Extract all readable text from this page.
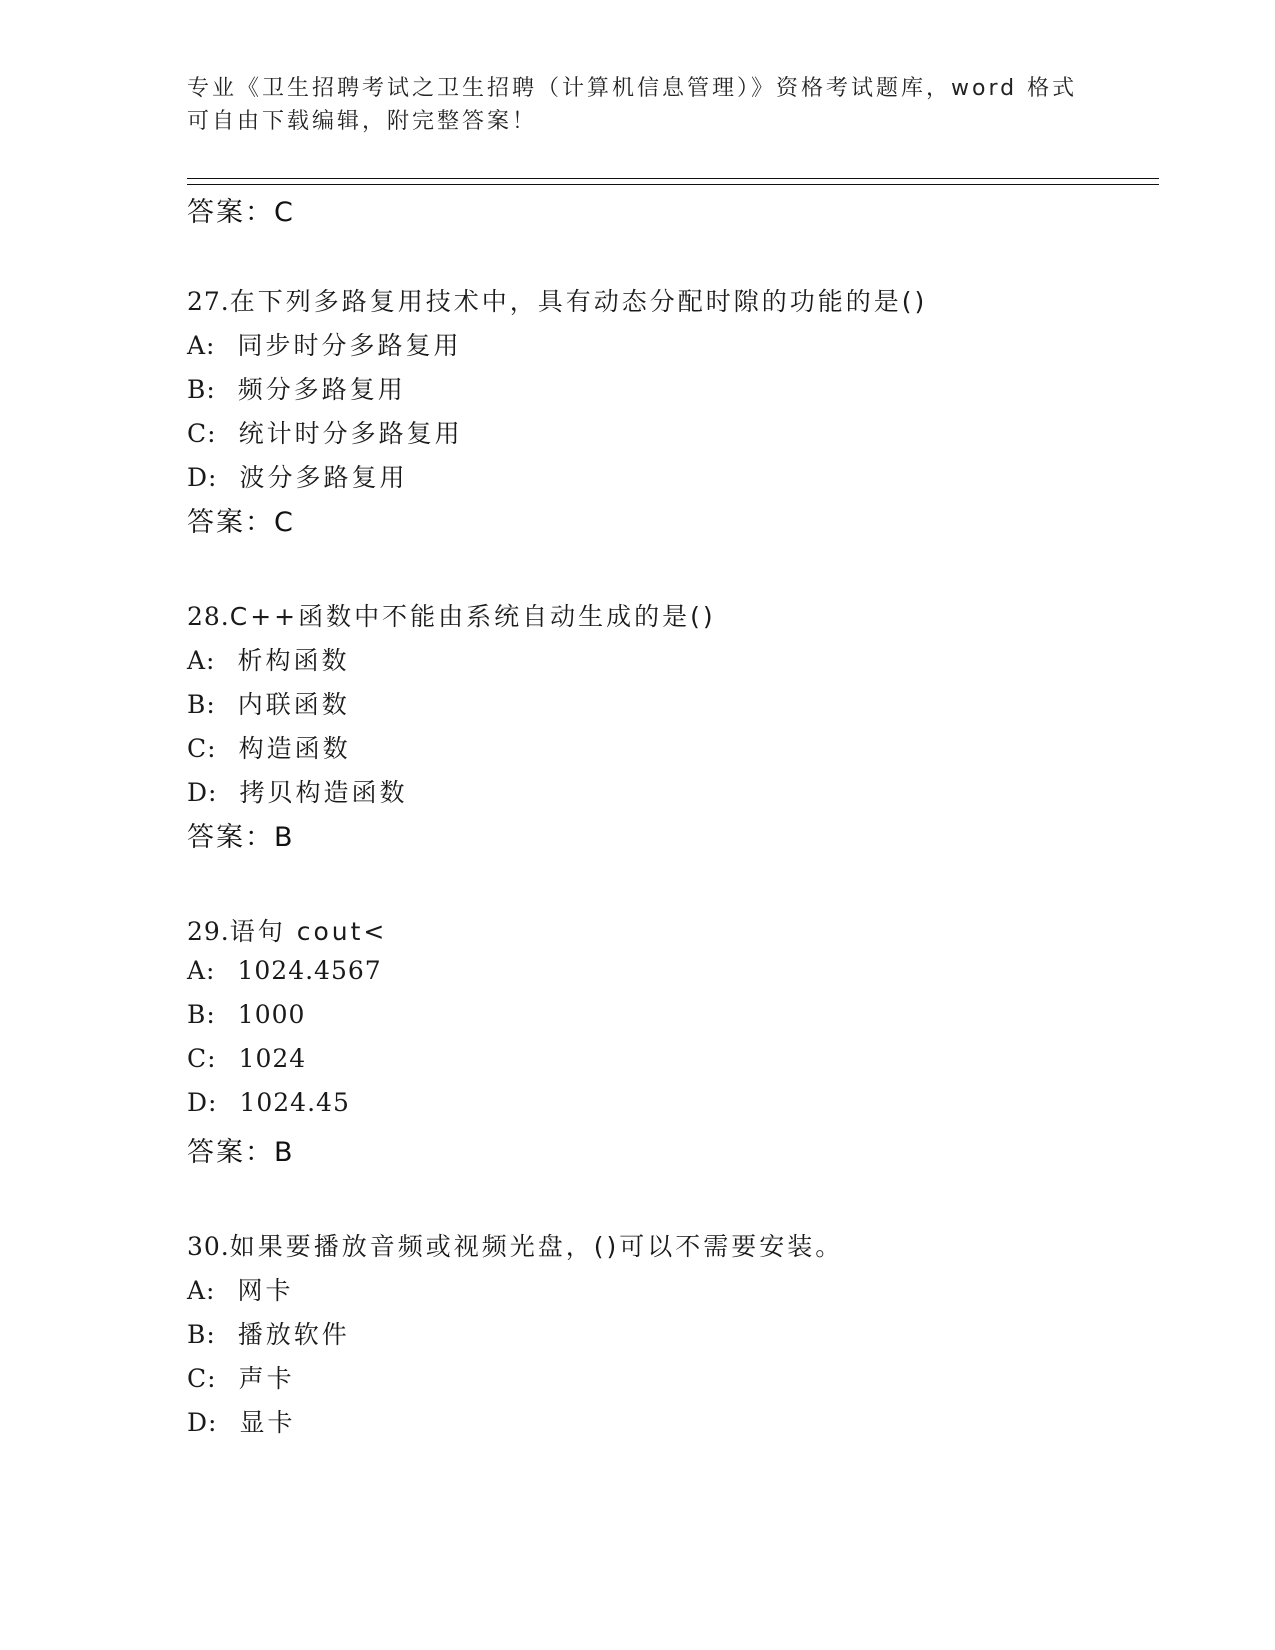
专业《卫生招聘考试之卫生招聘（计算机信息管理）》资格考试题库，word 格式
可自由下载编辑，附完整答案！
答案：C
27.在下列多路复用技术中，具有动态分配时隙的功能的是()
A: 同步时分多路复用
B: 频分多路复用
C: 统计时分多路复用
D: 波分多路复用
答案：C
28.C++函数中不能由系统自动生成的是()
A: 析构函数
B: 内联函数
C: 构造函数
D: 拷贝构造函数
答案：B
29.语句 cout<
A: 1024.4567
B: 1000
C: 1024
D: 1024.45
答案：B
30.如果要播放音频或视频光盘，()可以不需要安装。
A: 网卡
B: 播放软件
C: 声卡
D: 显卡
